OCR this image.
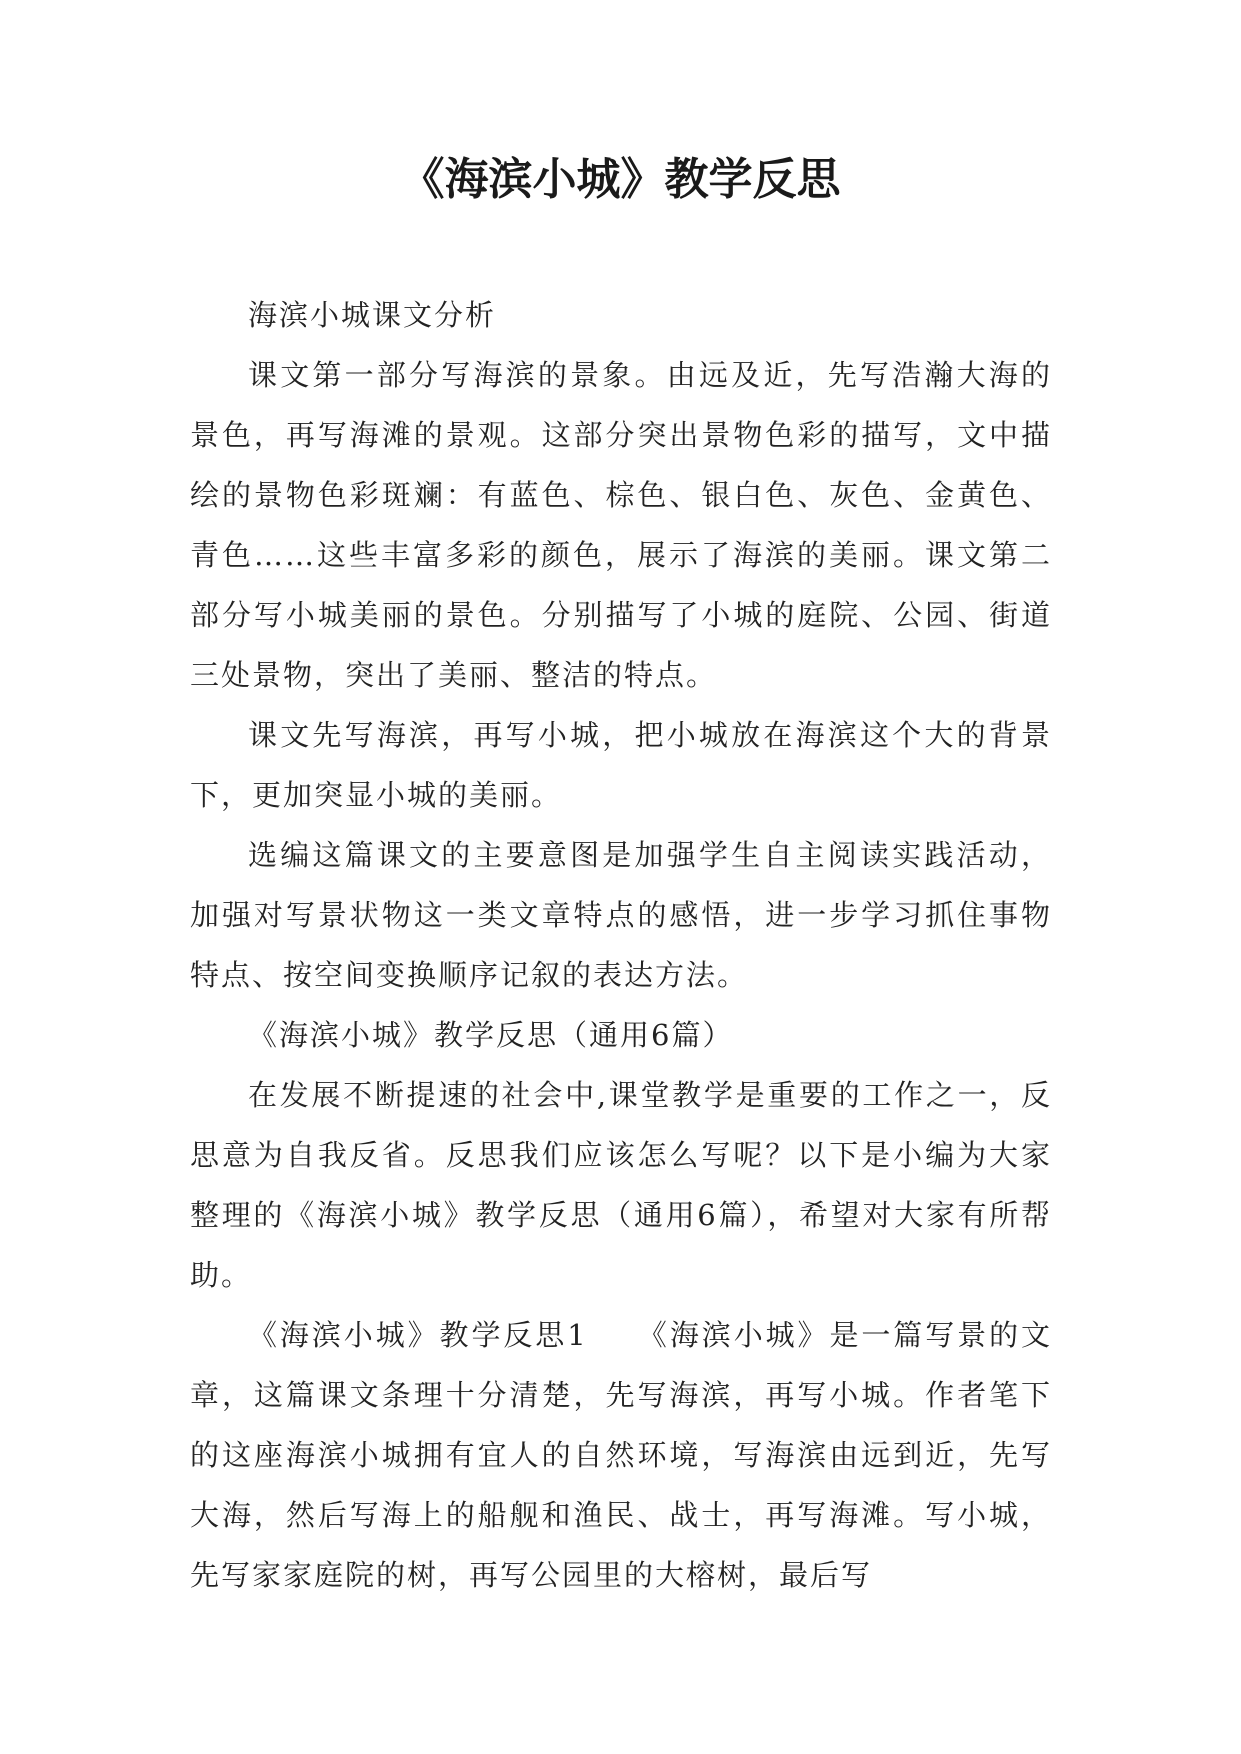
《海滨小城》教学反思

海滨小城课文分析

课文第一部分写海滨的景象。由远及近，先写浩瀚大海的景色，再写海滩的景观。这部分突出景物色彩的描写，文中描绘的景物色彩斑斓：有蓝色、棕色、银白色、灰色、金黄色、青色……这些丰富多彩的颜色，展示了海滨的美丽。课文第二部分写小城美丽的景色。分别描写了小城的庭院、公园、街道三处景物，突出了美丽、整洁的特点。

课文先写海滨，再写小城，把小城放在海滨这个大的背景下，更加突显小城的美丽。

选编这篇课文的主要意图是加强学生自主阅读实践活动，加强对写景状物这一类文章特点的感悟，进一步学习抓住事物特点、按空间变换顺序记叙的表达方法。

《海滨小城》教学反思（通用6篇）

在发展不断提速的社会中,课堂教学是重要的工作之一，反思意为自我反省。反思我们应该怎么写呢？以下是小编为大家整理的《海滨小城》教学反思（通用6篇），希望对大家有所帮助。

《海滨小城》教学反思1　　《海滨小城》是一篇写景的文章，这篇课文条理十分清楚，先写海滨，再写小城。作者笔下的这座海滨小城拥有宜人的自然环境，写海滨由远到近，先写大海，然后写海上的船舰和渔民、战士，再写海滩。写小城，先写家家庭院的树，再写公园里的大榕树，最后写
